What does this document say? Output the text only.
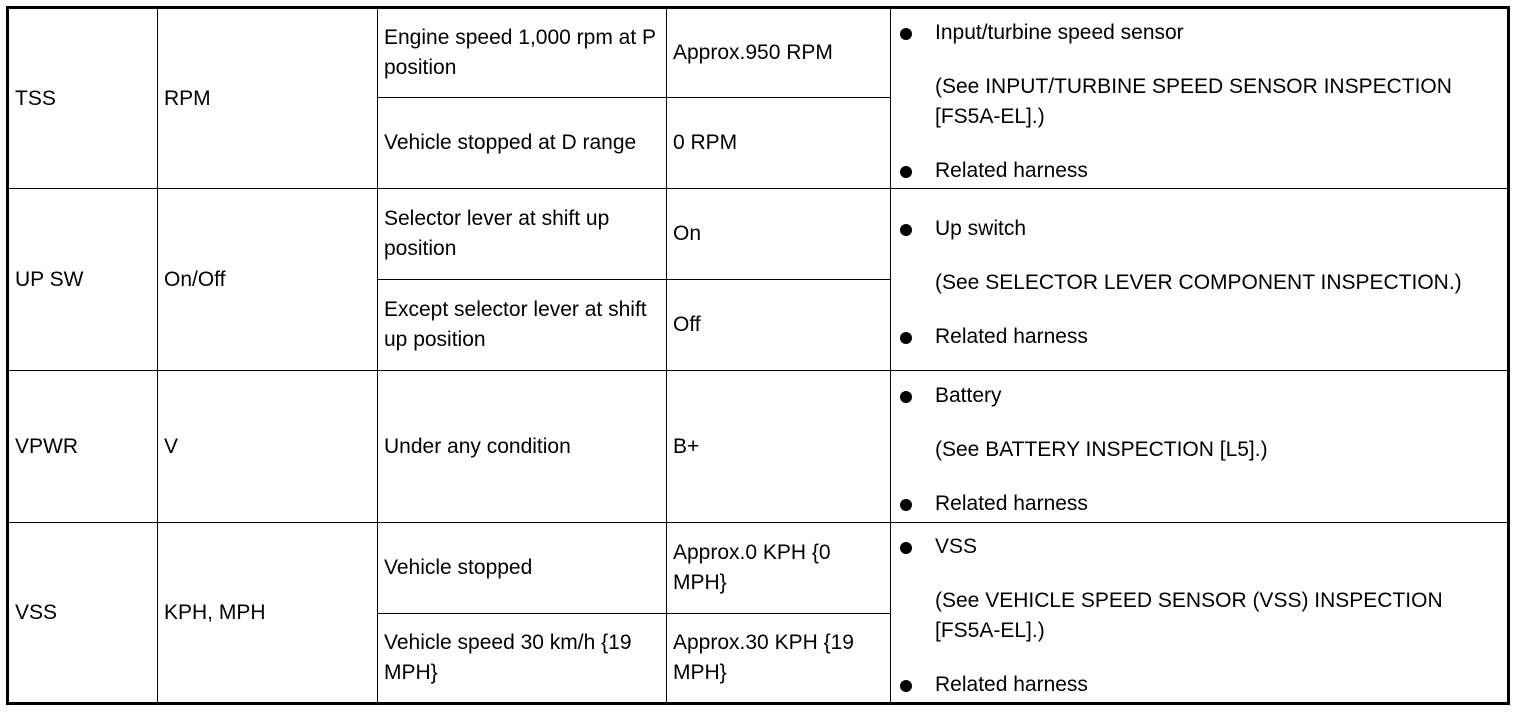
TSS	RPM	Engine speed 1,000 rpm at P position	Approx.950 RPM	Input/turbine speed sensor
(See INPUT/TURBINE SPEED SENSOR INSPECTION [FS5A-EL].)
Related harness

		Vehicle stopped at D range	0 RPM	
UP SW	On/Off	Selector lever at shift up position	On	Up switch
(See SELECTOR LEVER COMPONENT INSPECTION.)
Related harness

		Except selector lever at shift up position	Off	
VPWR	V	Under any condition	B+	Battery
(See BATTERY INSPECTION [L5].)
Related harness

VSS	KPH, MPH	Vehicle stopped	Approx.0 KPH {0 MPH}	VSS
(See VEHICLE SPEED SENSOR (VSS) INSPECTION [FS5A-EL].)
Related harness

		Vehicle speed 30 km/h {19 MPH}	Approx.30 KPH {19 MPH}	
